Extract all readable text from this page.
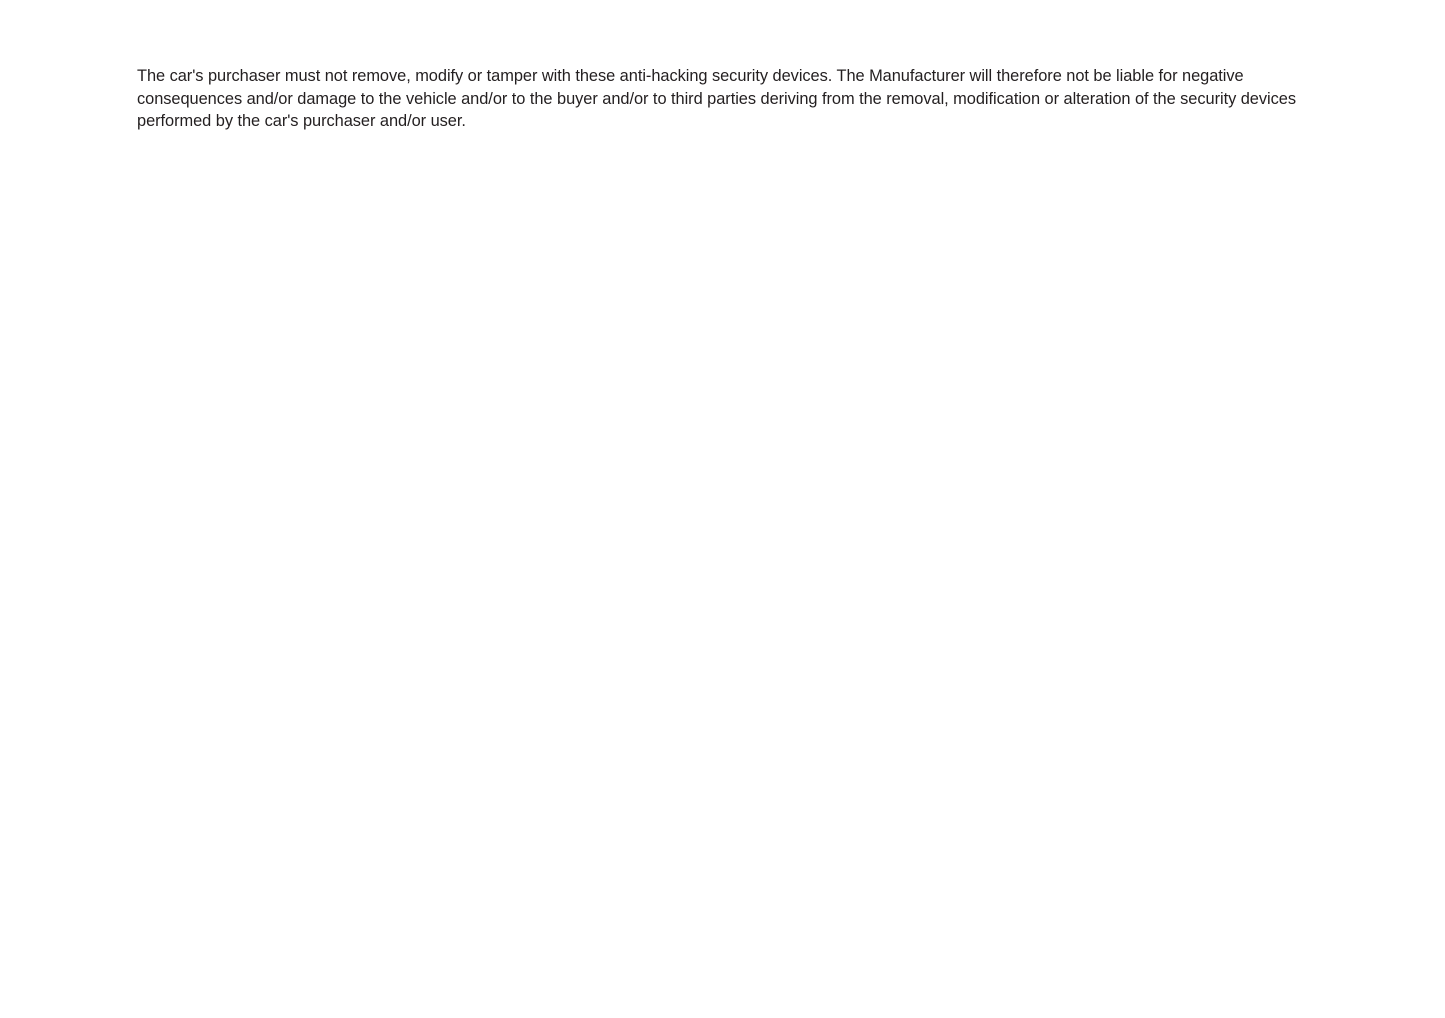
The car's purchaser must not remove, modify or tamper with these anti-hacking security devices. The Manufacturer will therefore not be liable for negative consequences and/or damage to the vehicle and/or to the buyer and/or to third parties deriving from the removal, modification or alteration of the security devices performed by the car's purchaser and/or user.
